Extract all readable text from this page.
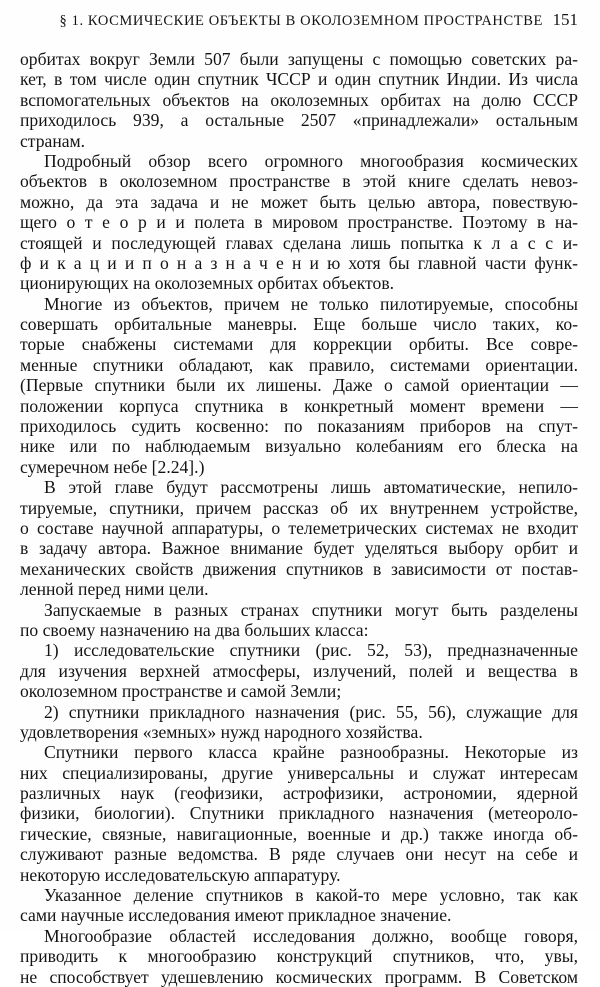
§ 1. КОСМИЧЕСКИЕ ОБЪЕКТЫ В ОКОЛОЗЕМНОМ ПРОСТРАНСТВЕ 151
орбитах вокруг Земли 507 были запущены с помощью советских ра-
кет, в том числе один спутник ЧССР и один спутник Индии. Из числа
вспомогательных объектов на околоземных орбитах на долю СССР
приходилось 939, а остальные 2507 «принадлежали» остальным
странам.
Подробный обзор всего огромного многообразия космических
объектов в околоземном пространстве в этой книге сделать невоз-
можно, да эта задача и не может быть целью автора, повествую-
щего о т е о р и и полета в мировом пространстве. Поэтому в на-
стоящей и последующей главах сделана лишь попытка к л а с с и-
ф и к а ц и и п о н а з н а ч е н и ю хотя бы главной части функ-
ционирующих на околоземных орбитах объектов.
Многие из объектов, причем не только пилотируемые, способны
совершать орбитальные маневры. Еще больше число таких, ко-
торые снабжены системами для коррекции орбиты. Все совре-
менные спутники обладают, как правило, системами ориентации.
(Первые спутники были их лишены. Даже о самой ориентации —
положении корпуса спутника в конкретный момент времени —
приходилось судить косвенно: по показаниям приборов на спут-
нике или по наблюдаемым визуально колебаниям его блеска на
сумеречном небе [2.24].)
В этой главе будут рассмотрены лишь автоматические, непило-
тируемые, спутники, причем рассказ об их внутреннем устройстве,
о составе научной аппаратуры, о телеметрических системах не входит
в задачу автора. Важное внимание будет уделяться выбору орбит и
механических свойств движения спутников в зависимости от постав-
ленной перед ними цели.
Запускаемые в разных странах спутники могут быть разделены
по своему назначению на два больших класса:
1) исследовательские спутники (рис. 52, 53), предназначенные
для изучения верхней атмосферы, излучений, полей и вещества в
околоземном пространстве и самой Земли;
2) спутники прикладного назначения (рис. 55, 56), служащие для
удовлетворения «земных» нужд народного хозяйства.
Спутники первого класса крайне разнообразны. Некоторые из
них специализированы, другие универсальны и служат интересам
различных наук (геофизики, астрофизики, астрономии, ядерной
физики, биологии). Спутники прикладного назначения (метеороло-
гические, связные, навигационные, военные и др.) также иногда об-
служивают разные ведомства. В ряде случаев они несут на себе и
некоторую исследовательскую аппаратуру.
Указанное деление спутников в какой-то мере условно, так как
сами научные исследования имеют прикладное значение.
Многообразие областей исследования должно, вообще говоря,
приводить к многообразию конструкций спутников, что, увы,
не способствует удешевлению космических программ. В Советском
